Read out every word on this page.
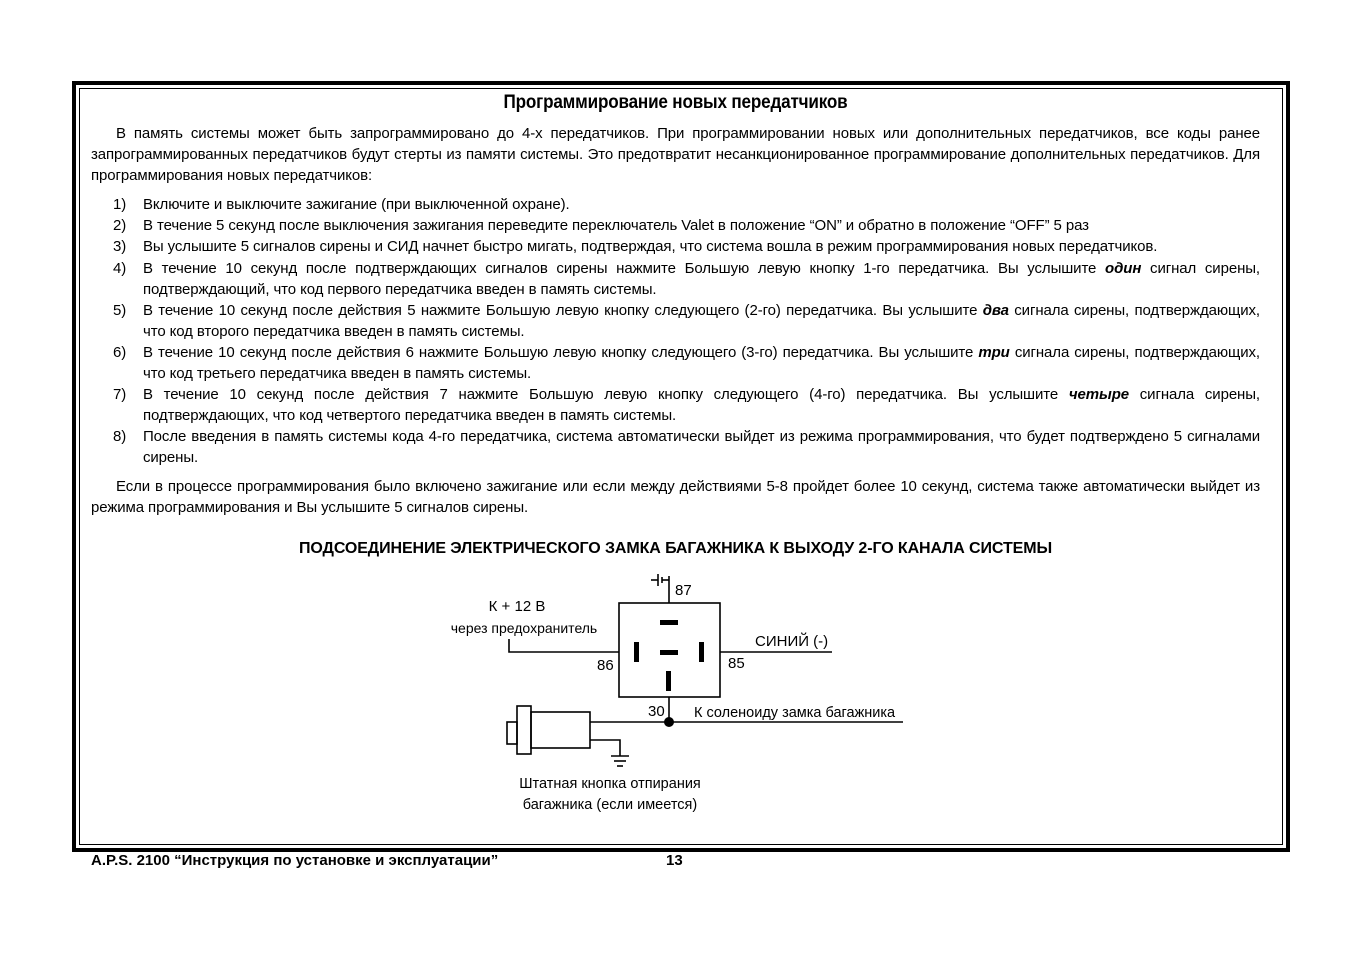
Программирование новых передатчиков
В память системы может быть запрограммировано до 4-х передатчиков. При программировании новых или дополнительных передатчиков, все коды ранее запрограммированных передатчиков будут стерты из памяти системы. Это предотвратит несанкционированное программирование дополнительных передатчиков. Для программирования новых передатчиков:
1) Включите и выключите зажигание (при выключенной охране).
2) В течение 5 секунд после выключения зажигания переведите переключатель Valet в положение “ON” и обратно в положение “OFF” 5 раз
3) Вы услышите 5 сигналов сирены и СИД начнет быстро мигать, подтверждая, что система вошла в режим программирования новых передатчиков.
4) В течение 10 секунд после подтверждающих сигналов сирены нажмите Большую левую кнопку 1-го передатчика. Вы услышите один сигнал сирены, подтверждающий, что код первого передатчика введен в память системы.
5) В течение 10 секунд после действия 5 нажмите Большую левую кнопку следующего (2-го) передатчика. Вы услышите два сигнала сирены, подтверждающих, что код второго передатчика введен в память системы.
6) В течение 10 секунд после действия 6 нажмите Большую левую кнопку следующего (3-го) передатчика. Вы услышите три сигнала сирены, подтверждающих, что код третьего передатчика введен в память системы.
7) В течение 10 секунд после действия 7 нажмите Большую левую кнопку следующего (4-го) передатчика. Вы услышите четыре сигнала сирены, подтверждающих, что код четвертого передатчика введен в память системы.
8) После введения в память системы кода 4-го передатчика, система автоматически выйдет из режима программирования, что будет подтверждено 5 сигналами сирены.
Если в процессе программирования было включено зажигание или если между действиями 5-8 пройдет более 10 секунд, система также автоматически выйдет из режима программирования и Вы услышите 5 сигналов сирены.
ПОДСОЕДИНЕНИЕ ЭЛЕКТРИЧЕСКОГО ЗАМКА БАГАЖНИКА К ВЫХОДУ 2-ГО КАНАЛА СИСТЕМЫ
К + 12 В
через предохранитель
87
86	85
30
СИНИЙ (-)
К соленоиду замка багажника
Штатная кнопка отпирания
багажника (если имеется)
A.P.S. 2100 “Инструкция по установке и эксплуатации”	13
